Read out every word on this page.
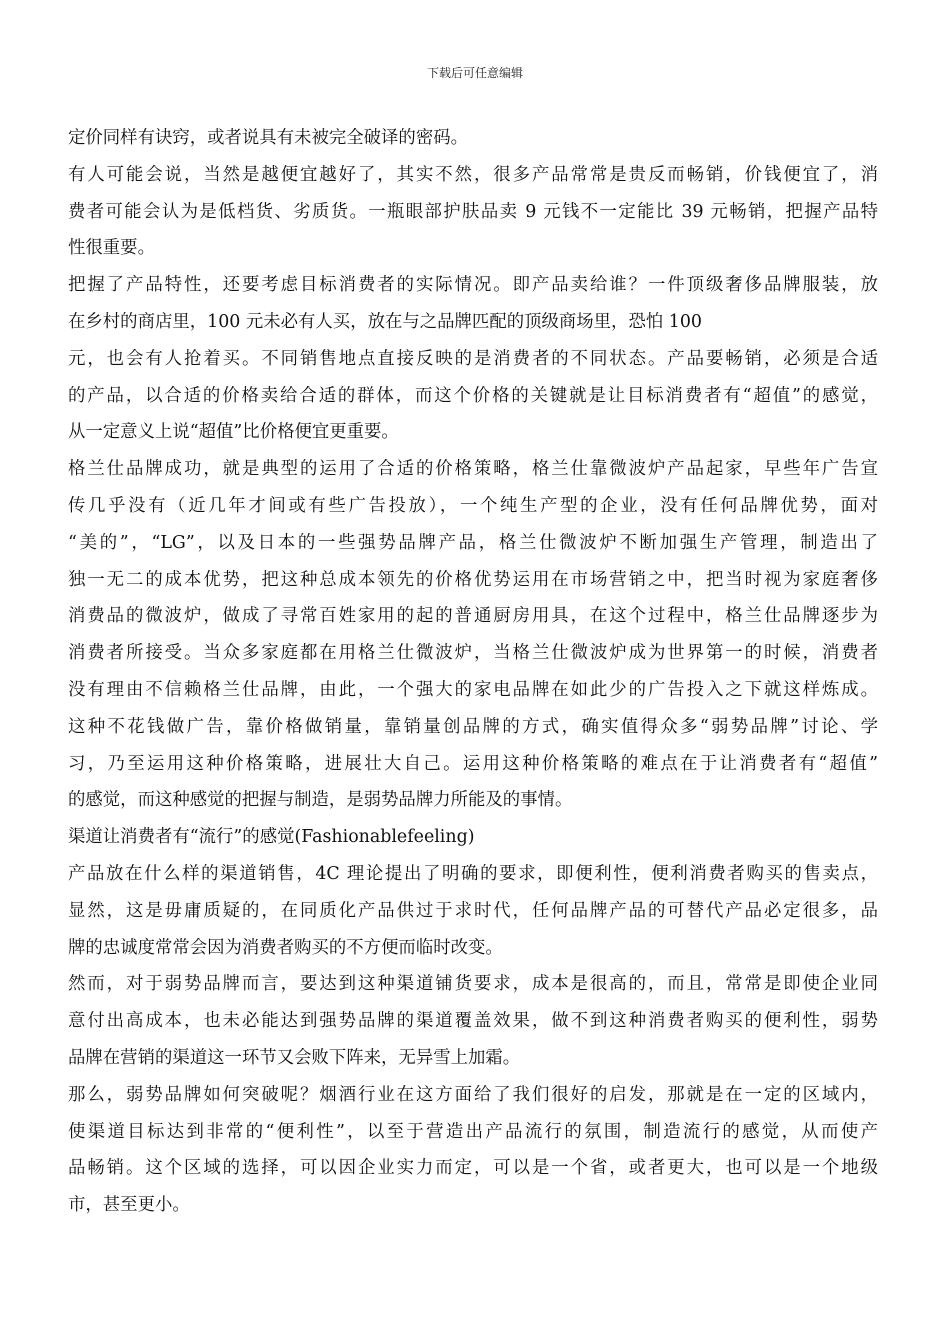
下载后可任意编辑
定价同样有诀窍，或者说具有未被完全破译的密码。
有人可能会说，当然是越便宜越好了，其实不然，很多产品常常是贵反而畅销，价钱便宜了，消
费者可能会认为是低档货、劣质货。一瓶眼部护肤品卖 9 元钱不一定能比 39 元畅销，把握产品特
性很重要。
把握了产品特性，还要考虑目标消费者的实际情况。即产品卖给谁？一件顶级奢侈品牌服装，放
在乡村的商店里，100 元未必有人买，放在与之品牌匹配的顶级商场里，恐怕 100
元，也会有人抢着买。不同销售地点直接反映的是消费者的不同状态。产品要畅销，必须是合适
的产品，以合适的价格卖给合适的群体，而这个价格的关键就是让目标消费者有“超值”的感觉，
从一定意义上说“超值”比价格便宜更重要。
格兰仕品牌成功，就是典型的运用了合适的价格策略，格兰仕靠微波炉产品起家，早些年广告宣
传几乎没有（近几年才间或有些广告投放），一个纯生产型的企业，没有任何品牌优势，面对
“美的”，“LG”，以及日本的一些强势品牌产品，格兰仕微波炉不断加强生产管理，制造出了
独一无二的成本优势，把这种总成本领先的价格优势运用在市场营销之中，把当时视为家庭奢侈
消费品的微波炉，做成了寻常百姓家用的起的普通厨房用具，在这个过程中，格兰仕品牌逐步为
消费者所接受。当众多家庭都在用格兰仕微波炉，当格兰仕微波炉成为世界第一的时候，消费者
没有理由不信赖格兰仕品牌，由此，一个强大的家电品牌在如此少的广告投入之下就这样炼成。
这种不花钱做广告，靠价格做销量，靠销量创品牌的方式，确实值得众多“弱势品牌”讨论、学
习，乃至运用这种价格策略，进展壮大自己。运用这种价格策略的难点在于让消费者有“超值”
的感觉，而这种感觉的把握与制造，是弱势品牌力所能及的事情。
渠道让消费者有“流行”的感觉(Fashionablefeeling)
产品放在什么样的渠道销售，4C 理论提出了明确的要求，即便利性，便利消费者购买的售卖点，
显然，这是毋庸质疑的，在同质化产品供过于求时代，任何品牌产品的可替代产品必定很多，品
牌的忠诚度常常会因为消费者购买的不方便而临时改变。
然而，对于弱势品牌而言，要达到这种渠道铺货要求，成本是很高的，而且，常常是即使企业同
意付出高成本，也未必能达到强势品牌的渠道覆盖效果，做不到这种消费者购买的便利性，弱势
品牌在营销的渠道这一环节又会败下阵来，无异雪上加霜。
那么，弱势品牌如何突破呢？烟酒行业在这方面给了我们很好的启发，那就是在一定的区域内，
使渠道目标达到非常的“便利性”，以至于营造出产品流行的氛围，制造流行的感觉，从而使产
品畅销。这个区域的选择，可以因企业实力而定，可以是一个省，或者更大，也可以是一个地级
市，甚至更小。
